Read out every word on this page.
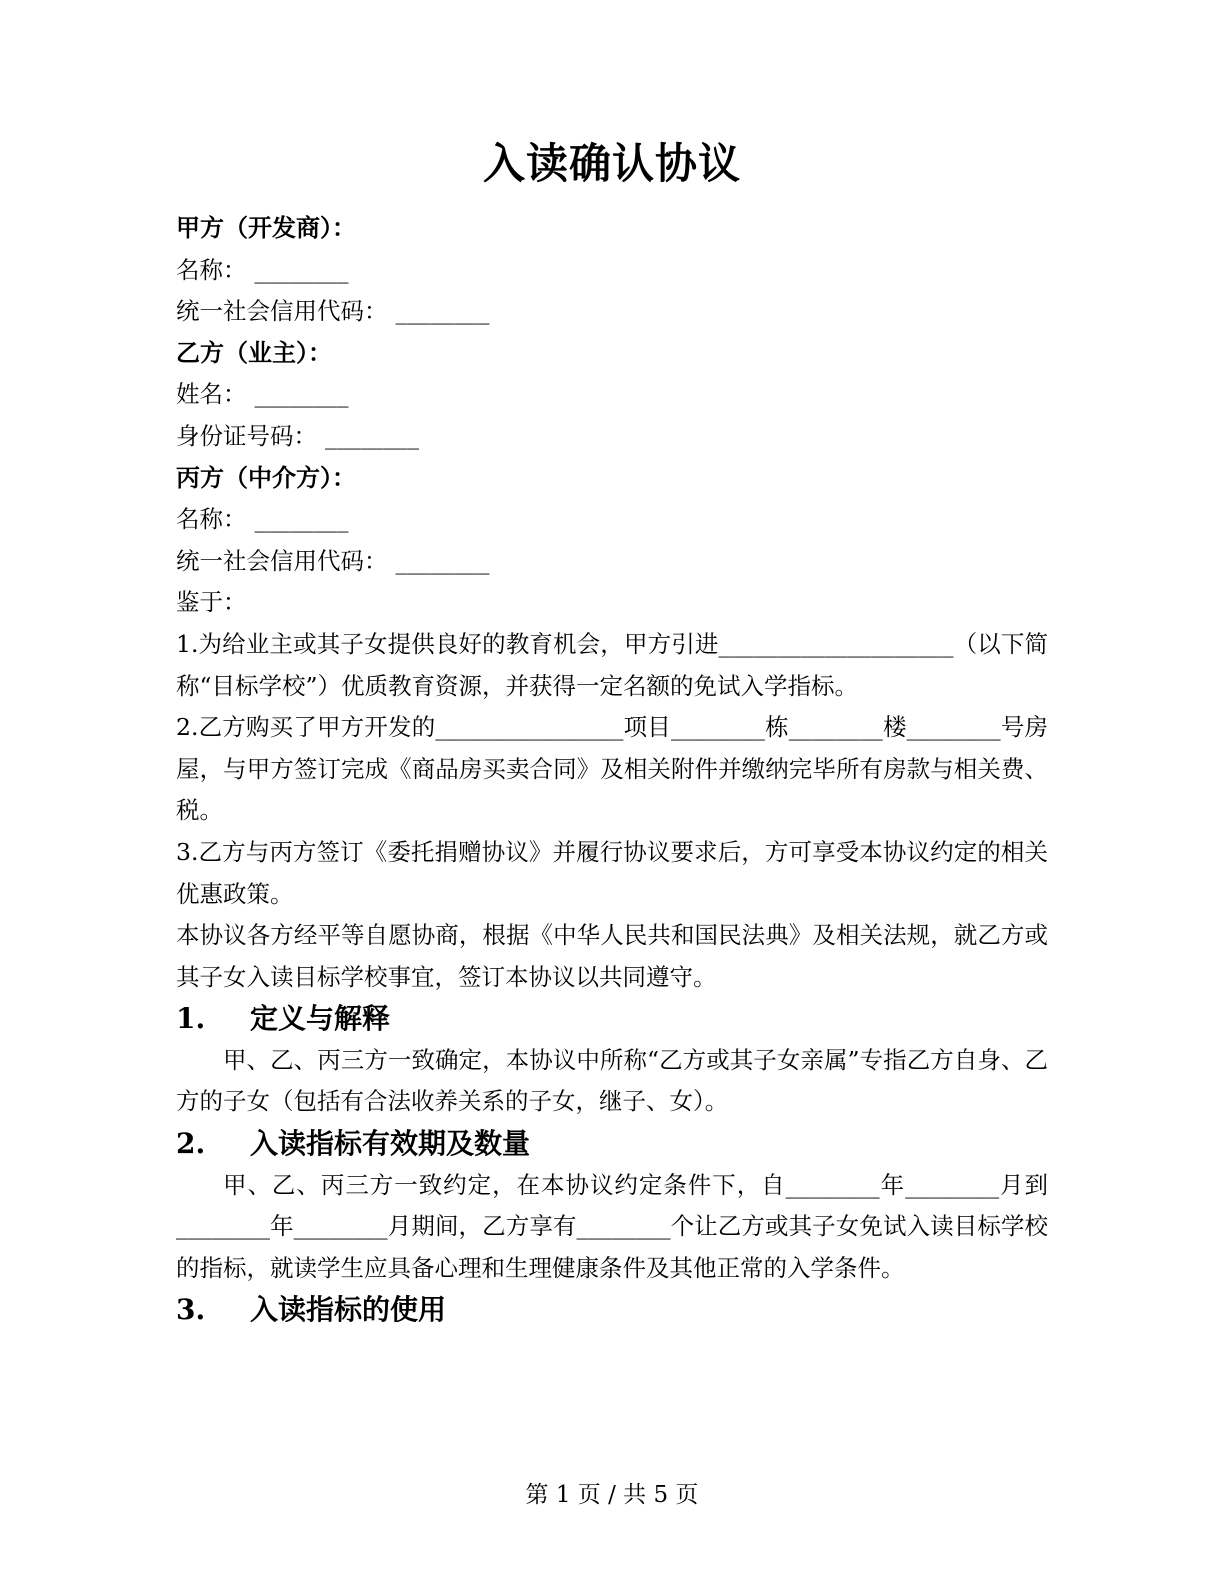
入读确认协议

甲方（开发商）：

名称： ________

统一社会信用代码： ________

乙方（业主）：

姓名： ________

身份证号码： ________

丙方（中介方）：

名称： ________

统一社会信用代码： ________

鉴于：

1.为给业主或其子女提供良好的教育机会，甲方引进____________________（以下简称“目标学校”）优质教育资源，并获得一定名额的免试入学指标。

2.乙方购买了甲方开发的________________项目________栋________楼________号房屋，与甲方签订完成《商品房买卖合同》及相关附件并缴纳完毕所有房款与相关费、税。

3.乙方与丙方签订《委托捐赠协议》并履行协议要求后，方可享受本协议约定的相关优惠政策。

本协议各方经平等自愿协商，根据《中华人民共和国民法典》及相关法规，就乙方或其子女入读目标学校事宜，签订本协议以共同遵守。

1. 定义与解释

甲、乙、丙三方一致确定，本协议中所称“乙方或其子女亲属”专指乙方自身、乙方的子女（包括有合法收养关系的子女，继子、女）。

2. 入读指标有效期及数量

甲、乙、丙三方一致约定，在本协议约定条件下，自________年________月到________年________月期间，乙方享有________个让乙方或其子女免试入读目标学校的指标，就读学生应具备心理和生理健康条件及其他正常的入学条件。

3. 入读指标的使用

第 1 页 / 共 5 页
